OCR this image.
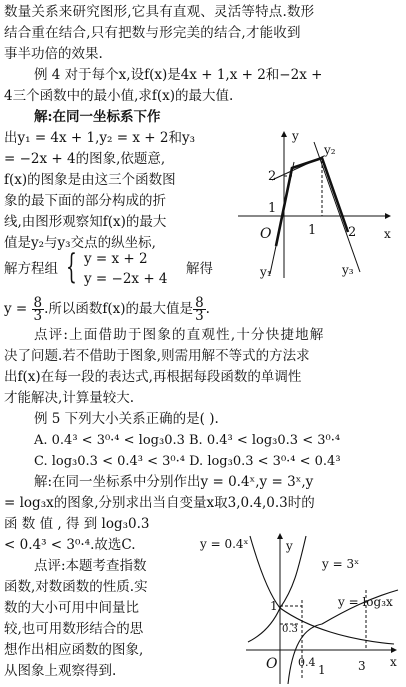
数量关系来研究图形,它具有直观、灵活等特点.数形
结合重在结合,只有把数与形完美的结合,才能收到
事半功倍的效果.
例 4 对于每个x,设f(x)是4x + 1,x + 2和−2x +
4三个函数中的最小值,求f(x)的最大值.
解:在同一坐标系下作
出y₁ = 4x + 1,y₂ = x + 2和y₃
= −2x + 4的图象,依题意,
f(x)的图象是由这三个函数图
象的最下面的部分构成的折
线,由图形观察知f(x)的最大
值是y₂与y₃交点的纵坐标,
解方程组 { y = x + 2
y = −2x + 4
解得
$y = \frac{8}{3}$ .所以函数f(x)的最大值是 $\frac{8}{3}$ .
点评:上面借助于图象的直观性,十分快捷地解
决了问题.若不借助于图象,则需用解不等式的方法求
出f(x)在每一段的表达式,再根据每段函数的单调性
才能解决,计算量较大.
例 5 下列大小关系正确的是( ).
A. 0.4³ < 3⁰·⁴ < log₃0.3 B. 0.4³ < log₃0.3 < 3⁰·⁴
C. log₃0.3 < 0.4³ < 3⁰·⁴ D. log₃0.3 < 3⁰·⁴ < 0.4³
解:在同一坐标系中分别作出y = 0.4ˣ,y = 3ˣ,y
= log₃x的图象,分别求出当自变量x取3,0.4,0.3时的
函 数 值 , 得 到 log₃0.3
< 0.4³ < 3⁰·⁴.故选C.
点评:本题考查指数
函数,对数函数的性质.实
数的大小可用中间量比
较,也可用数形结合的思
想作出相应函数的图象,
从图象上观察得到.
y
x
O
2
1
1 2
y₁
y₂
y₃
y
x
O
1
0.4
1	3
0.3
y = 0.4ˣ
y = 3ˣ
y = log₃x
